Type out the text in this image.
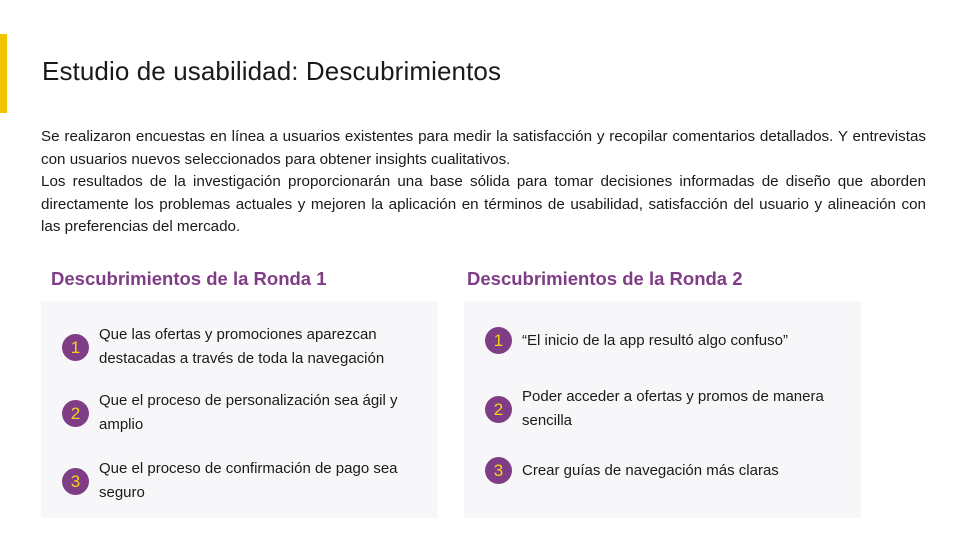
Estudio de usabilidad: Descubrimientos

Se realizaron encuestas en línea a usuarios existentes para medir la satisfacción y recopilar comentarios detallados. Y entrevistas con usuarios nuevos seleccionados para obtener insights cualitativos.

Los resultados de la investigación proporcionarán una base sólida para tomar decisiones informadas de diseño que aborden directamente los problemas actuales y mejoren la aplicación en términos de usabilidad, satisfacción del usuario y alineación con las preferencias del mercado.

Descubrimientos de la Ronda 1	Descubrimientos de la Ronda 2
1
Que las ofertas y promociones aparezcan destacadas a través de toda la navegación
2
Que el proceso de personalización sea ágil y amplio
3
Que el proceso de confirmación de pago sea seguro
1	“El inicio de la app resultó algo confuso”
2
Poder acceder a ofertas y promos de manera sencilla
3	Crear guías de navegación más claras
